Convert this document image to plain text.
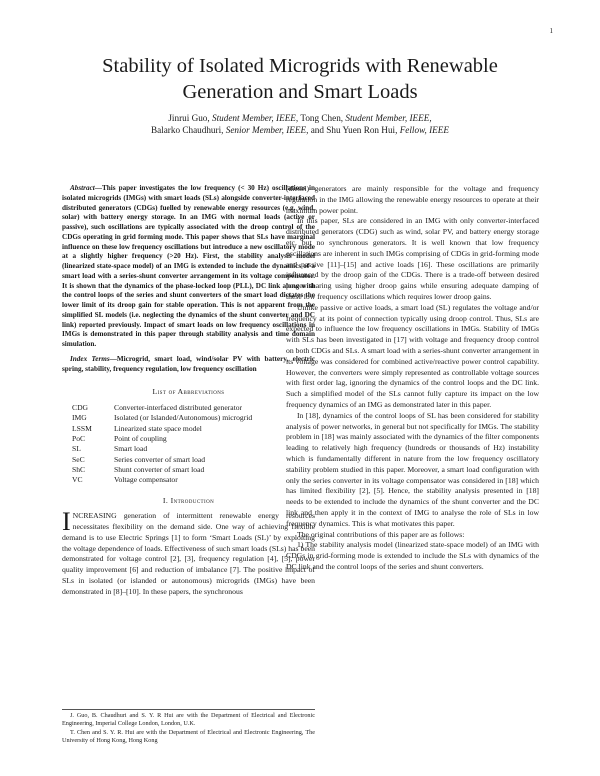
1
Stability of Isolated Microgrids with Renewable
Generation and Smart Loads
Jinrui Guo, Student Member, IEEE, Tong Chen, Student Member, IEEE,
Balarko Chaudhuri, Senior Member, IEEE, and Shu Yuen Ron Hui, Fellow, IEEE

Abstract—This paper investigates the low frequency (< 30 Hz) oscillations in isolated microgrids (IMGs) with smart loads (SLs) alongside converter-interfaced distributed generators (CDGs) fuelled by renewable energy resources (e.g. wind, solar) with battery energy storage. In an IMG with normal loads (active or passive), such oscillations are typically associated with the droop control of the CDGs operating in grid forming mode. This paper shows that SLs have marginal influence on these low frequency oscillations but introduce a new oscillatory mode at a slightly higher frequency (>20 Hz). First, the stability analysis model (linearized state-space model) of an IMG is extended to include the dynamics of a smart load with a series-shunt converter arrangement in its voltage compensator. It is shown that the dynamics of the phase-locked loop (PLL), DC link along with the control loops of the series and shunt converters of the smart load dictates the lower limit of its droop gain for stable operation. This is not apparent from the simplified SL models (i.e. neglecting the dynamics of the shunt converter and DC link) reported previously. Impact of smart loads on low frequency oscillations in IMGs is demonstrated in this paper through stability analysis and time domain simulation.

Index Terms—Microgrid, smart load, wind/solar PV with battery, electric spring, stability, frequency regulation, low frequency oscillation

List of Abbreviations
CDG	Converter-interfaced distributed generator
IMG	Isolated (or Islanded/Autonomous) microgrid
LSSM	Linearized state space model
PoC	Point of coupling
SL	Smart load
SeC	Series converter of smart load
ShC	Shunt converter of smart load
VC	Voltage compensator
I. Introduction

INCREASING generation of intermittent renewable energy resources necessitates flexibility on the demand side. One way of achieving flexible demand is to use Electric Springs [1] to form ‘Smart Loads (SL)’ by exploiting the voltage dependence of loads. Effectiveness of such smart loads (SLs) has been demonstrated for voltage control [2], [3], frequency regulation [4], [5], power quality improvement [6] and reduction of imbalance [7]. The positive impact of SLs in isolated (or islanded or autonomous) microgrids (IMGs) have been demonstrated in [8]–[10]. In these papers, the synchronous

J. Guo, B. Chaudhuri and S. Y. R Hui are with the Department of Electrical and Electronic Engineering, Imperial College London, London, U.K.

T. Chen and S. Y. R. Hui are with the Department of Electrical and Electronic Engineering, The University of Hong Kong, Hong Kong

(diesel) generators are mainly responsible for the voltage and frequency regulation in the IMG allowing the renewable energy resources to operate at their maximum power point.

In this paper, SLs are considered in an IMG with only converter-interfaced distributed generators (CDG) such as wind, solar PV, and battery energy storage etc. but no synchronous generators. It is well known that low frequency oscillations are inherent in such IMGs comprising of CDGs in grid-forming mode and passive [11]–[15] and active loads [16]. These oscillations are primarily influenced by the droop gain of the CDGs. There is a trade-off between desired power sharing using higher droop gains while ensuring adequate damping of these low frequency oscillations which requires lower droop gains.

Unlike passive or active loads, a smart load (SL) regulates the voltage and/or frequency at its point of connection typically using droop control. Thus, SLs are expected to influence the low frequency oscillations in IMGs. Stability of IMGs with SLs has been investigated in [17] with voltage and frequency droop control on both CDGs and SLs. A smart load with a series-shunt converter arrangement in its voltage was considered for combined active/reactive power control capability. However, the converters were simply represented as controllable voltage sources with first order lag, ignoring the dynamics of the control loops and the DC link. Such a simplified model of the SLs cannot fully capture its impact on the low frequency dynamics of an IMG as demonstrated later in this paper.

In [18], dynamics of the control loops of SL has been considered for stability analysis of power networks, in general but not specifically for IMGs. The stability problem in [18] was mainly associated with the dynamics of the filter components leading to relatively high frequency (hundreds or thousands of Hz) instability which is fundamentally different in nature from the low frequency oscillatory stability problem studied in this paper. Moreover, a smart load configuration with only the series converter in its voltage compensator was considered in [18] which has limited flexibility [2], [5]. Hence, the stability analysis presented in [18] needs to be extended to include the dynamics of the shunt converter and the DC link and then apply it in the context of IMG to analyse the role of SLs in low frequency dynamics. This is what motivates this paper.

The original contributions of this paper are as follows:

1) The stability analysis model (linearized state-space model) of an IMG with CDGs in grid-forming mode is extended to include the SLs with dynamics of the DC link and the control loops of the series and shunt converters.
